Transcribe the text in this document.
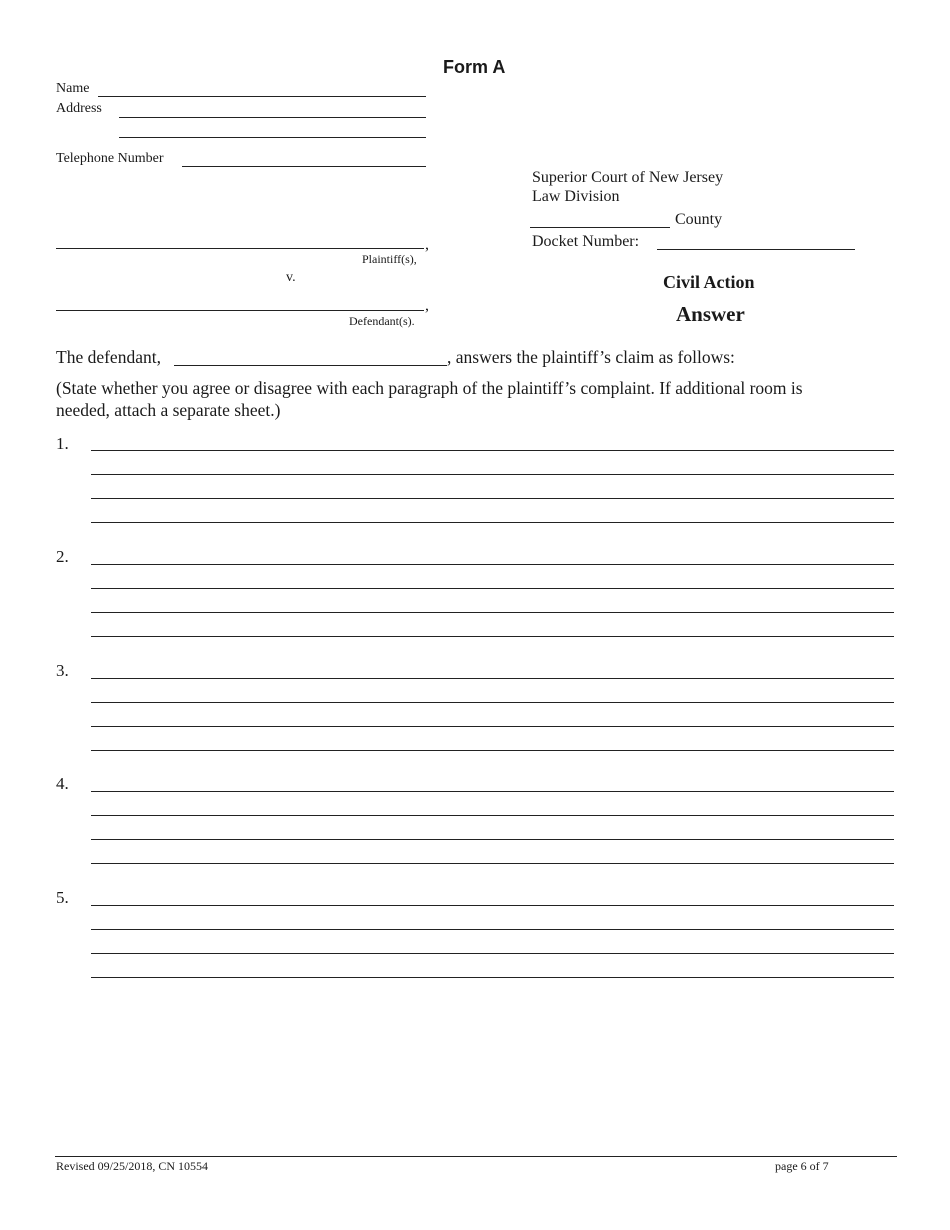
Form A
Name
Address
Telephone Number
Superior Court of New Jersey
Law Division
County
Docket Number:
,
Plaintiff(s),
v.
,
Defendant(s).
Civil Action
Answer
The defendant,	, answers the plaintiff’s claim as follows:
(State whether you agree or disagree with each paragraph of the plaintiff’s complaint. If additional room is
needed, attach a separate sheet.)
1.
2.
3.
4.
5.
Revised 09/25/2018, CN 10554	page 6 of 7
